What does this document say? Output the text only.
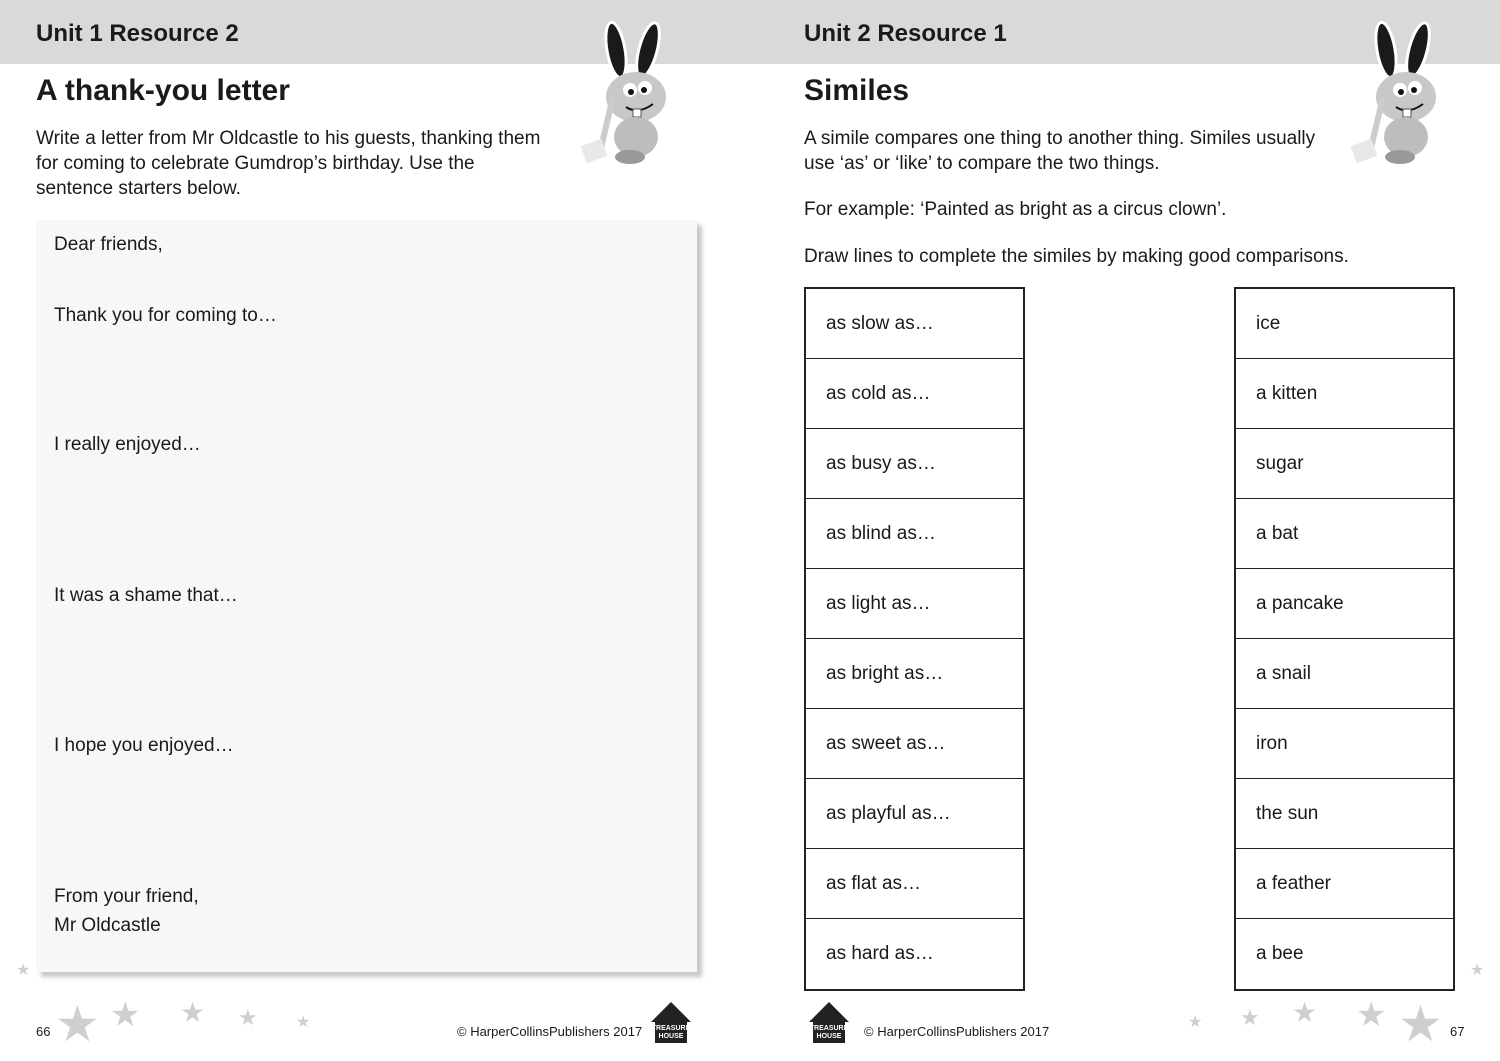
Unit 1 Resource 2
A thank-you letter
Write a letter from Mr Oldcastle to his guests, thanking them for coming to celebrate Gumdrop’s birthday. Use the sentence starters below.
Dear friends,
Thank you for coming to…
I really enjoyed…
It was a shame that…
I hope you enjoyed…
From your friend,
Mr Oldcastle
66	© HarperCollinsPublishers 2017 TREASURE
HOUSE
Unit 2 Resource 1
Similes
A simile compares one thing to another thing. Similes usually use ‘as’ or ‘like’ to compare the two things.
For example: ‘Painted as bright as a circus clown’.
Draw lines to complete the similes by making good comparisons.
as slow as…
as cold as…
as busy as…
as blind as…
as light as…
as bright as…
as sweet as…
as playful as…
as flat as…
as hard as…
ice
a kitten
sugar
a bat
a pancake
a snail
iron
the sun
a feather
a bee
TREASURE
HOUSE © HarperCollinsPublishers 2017	67
★ ★ ★ ★ ★
★
★
★
★
★
★
★
